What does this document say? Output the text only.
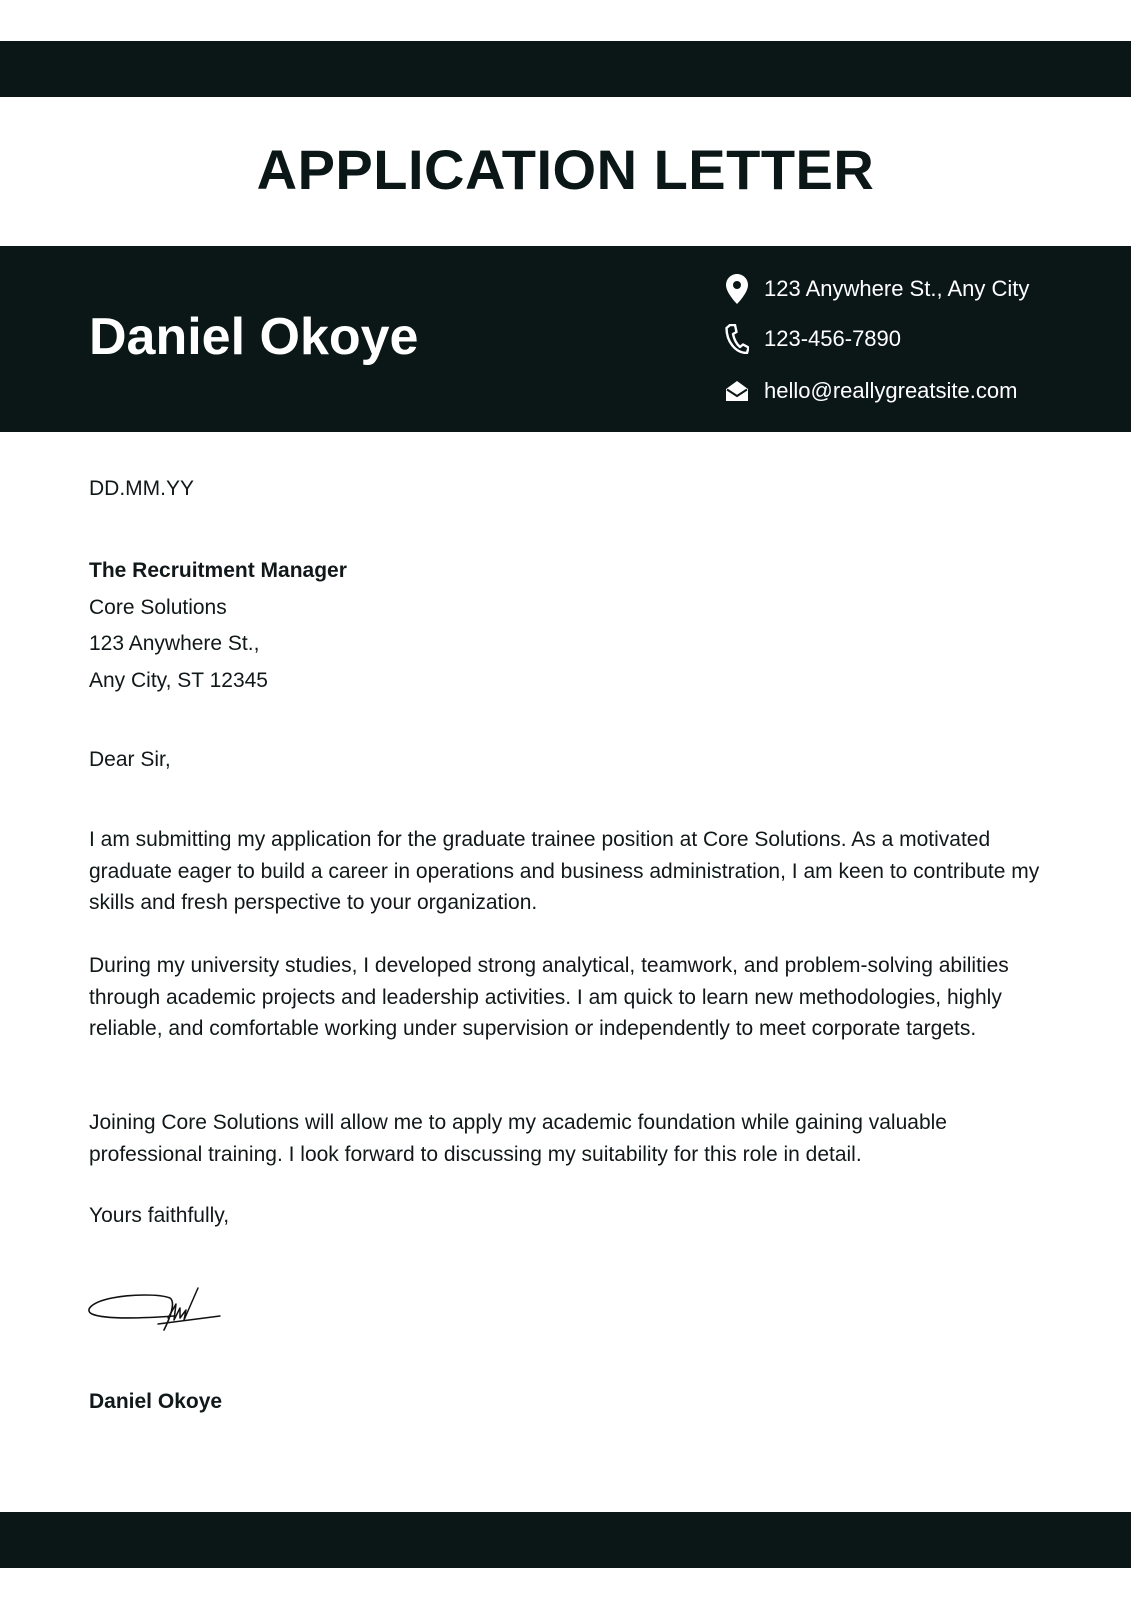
APPLICATION LETTER
Daniel Okoye
123 Anywhere St., Any City
123-456-7890
hello@reallygreatsite.com
DD.MM.YY
The Recruitment Manager
Core Solutions
123 Anywhere St.,
Any City, ST 12345
Dear Sir,

I am submitting my application for the graduate trainee position at Core Solutions. As a motivated graduate eager to build a career in operations and business administration, I am keen to contribute my skills and fresh perspective to your organization.

During my university studies, I developed strong analytical, teamwork, and problem-solving abilities through academic projects and leadership activities. I am quick to learn new methodologies, highly reliable, and comfortable working under supervision or independently to meet corporate targets.

Joining Core Solutions will allow me to apply my academic foundation while gaining valuable professional training. I look forward to discussing my suitability for this role in detail.

Yours faithfully,
Daniel Okoye
